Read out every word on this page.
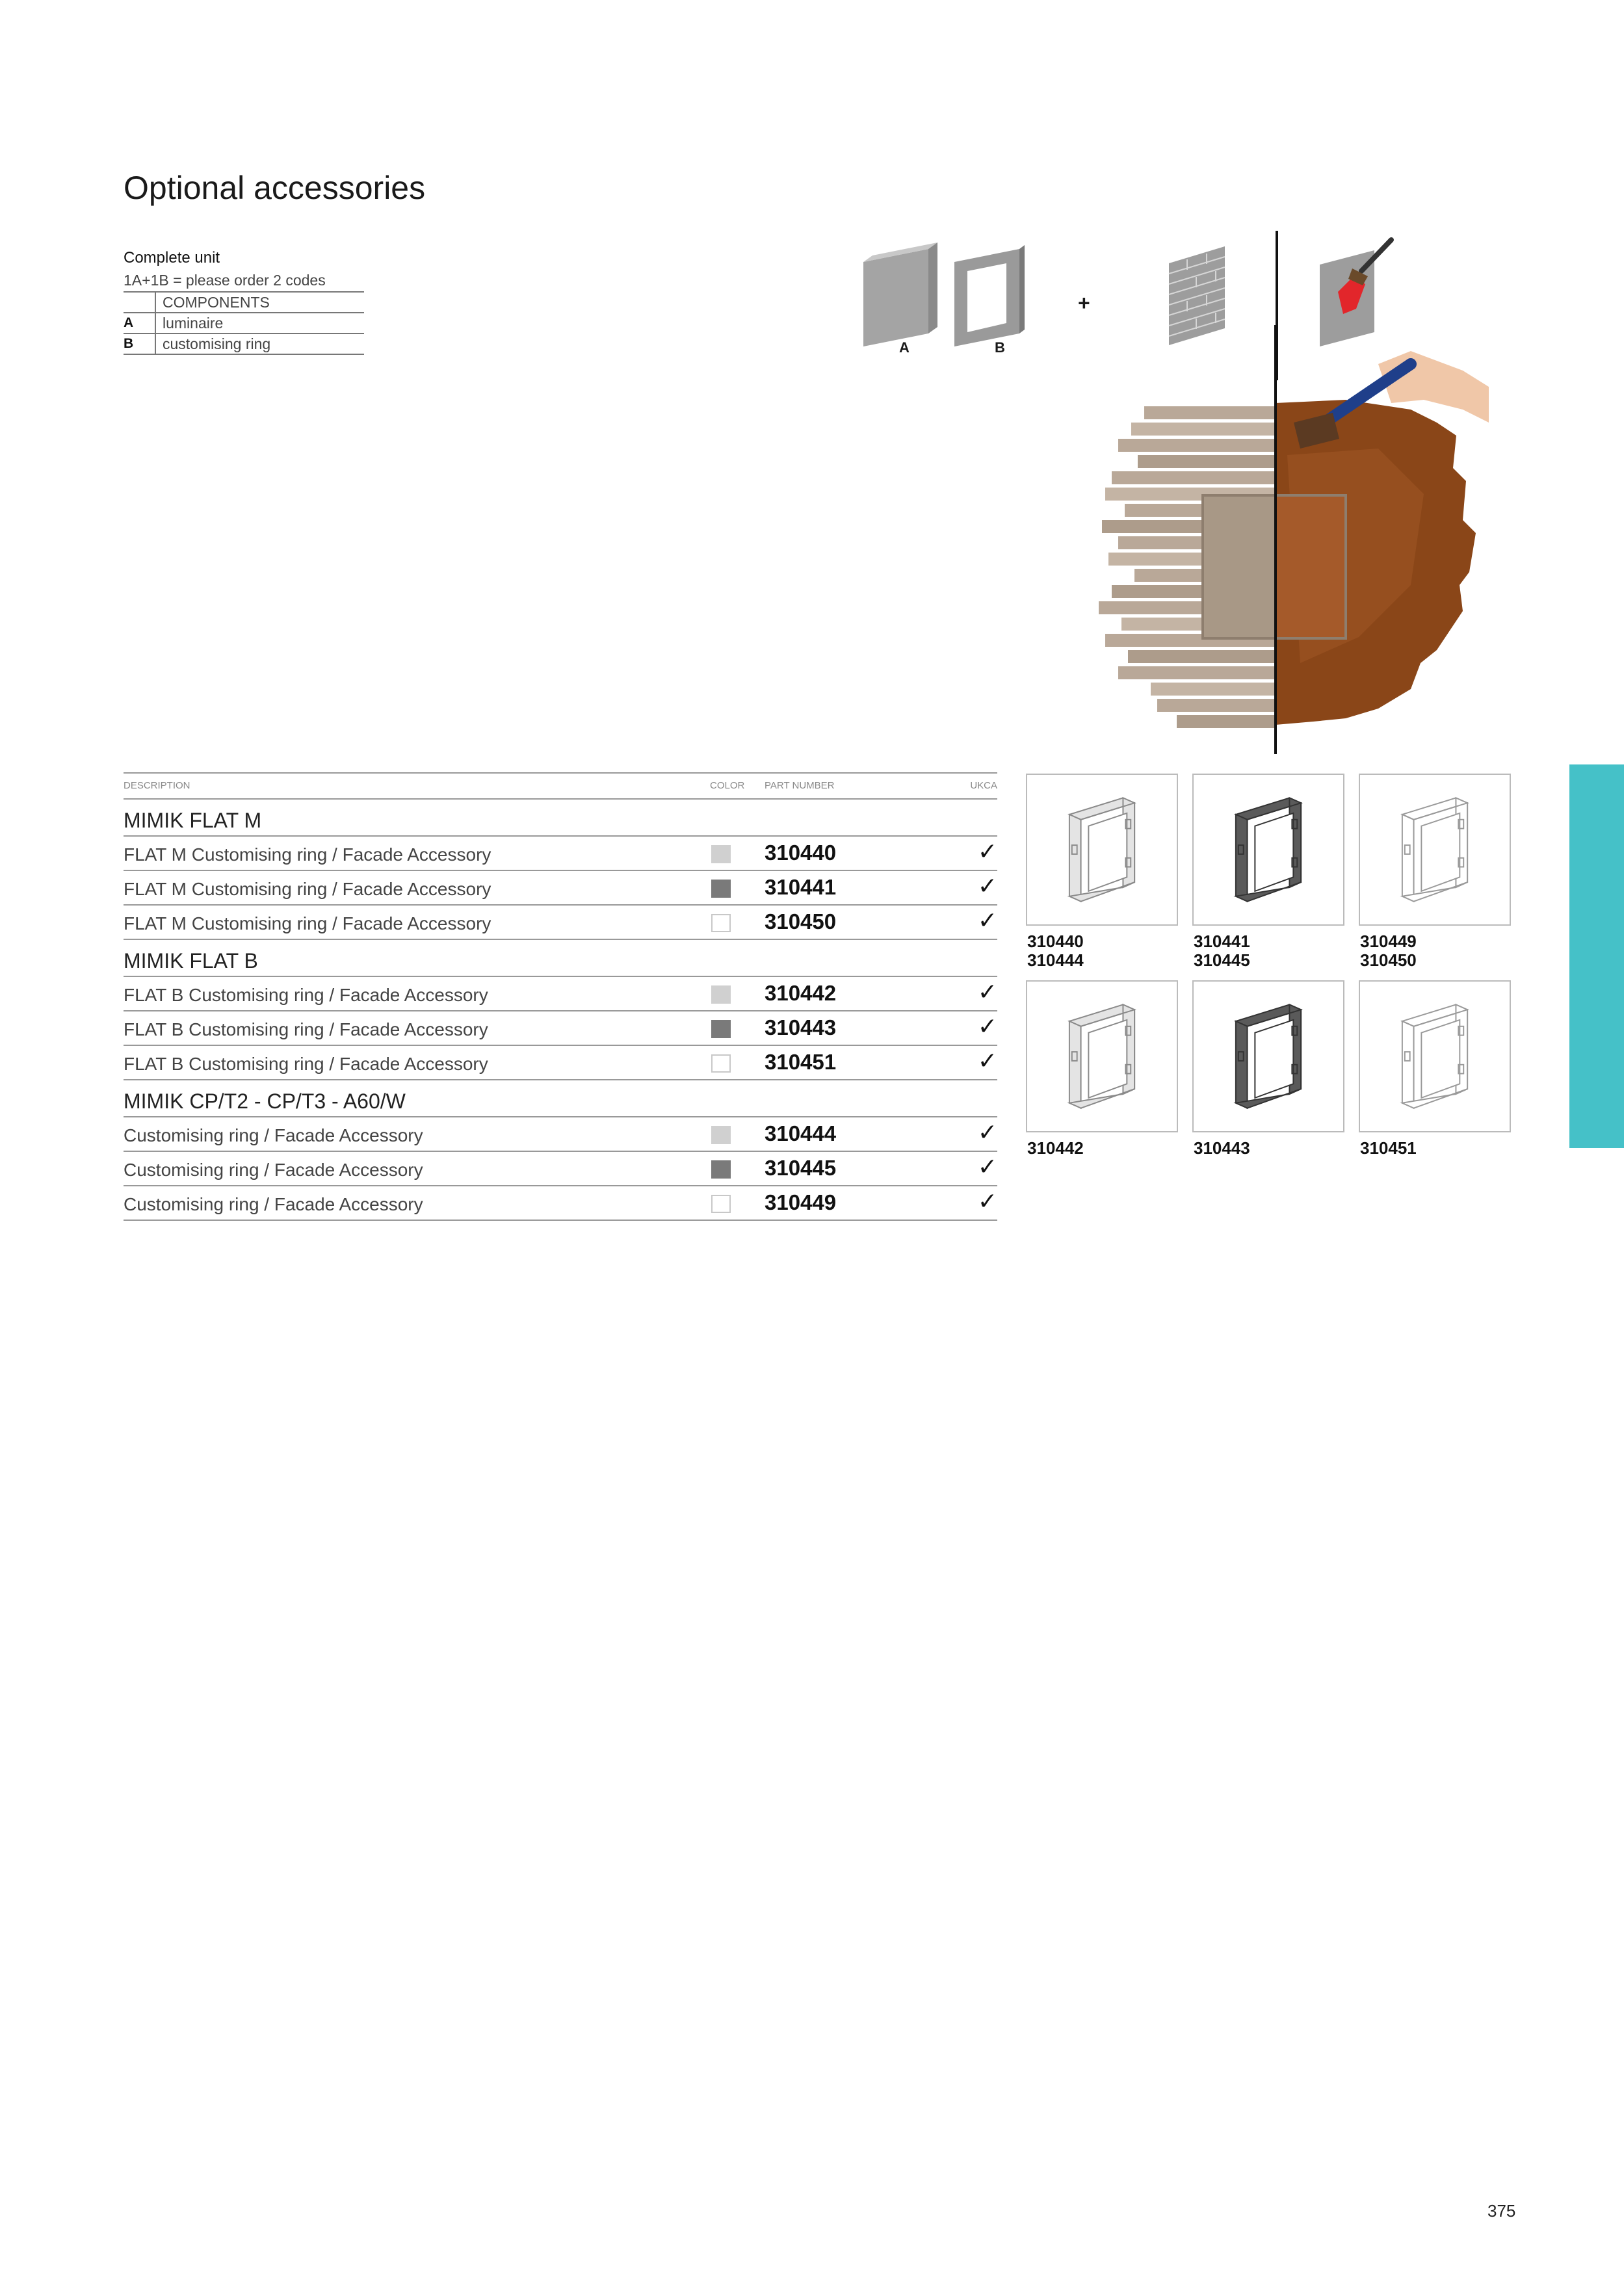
Optional accessories
Complete unit
1A+1B = please order 2 codes
COMPONENTS
A	luminaire
B	customising ring	A	B
+
DESCRIPTION	COLOR PART NUMBER	UKCA
MIMIK FLAT M
FLAT M Customising ring / Facade Accessory	310440	✓
FLAT M Customising ring / Facade Accessory	310441	✓
FLAT M Customising ring / Facade Accessory	310450	✓
MIMIK FLAT B
FLAT B Customising ring / Facade Accessory	310442	✓
FLAT B Customising ring / Facade Accessory	310443	✓
FLAT B Customising ring / Facade Accessory	310451	✓
MIMIK CP/T2 - CP/T3 - A60/W
Customising ring / Facade Accessory	310444	✓
Customising ring / Facade Accessory	310445	✓
Customising ring / Facade Accessory	310449	✓
310440
310444
310441
310445
310449
310450
310442	310443	310451
375
